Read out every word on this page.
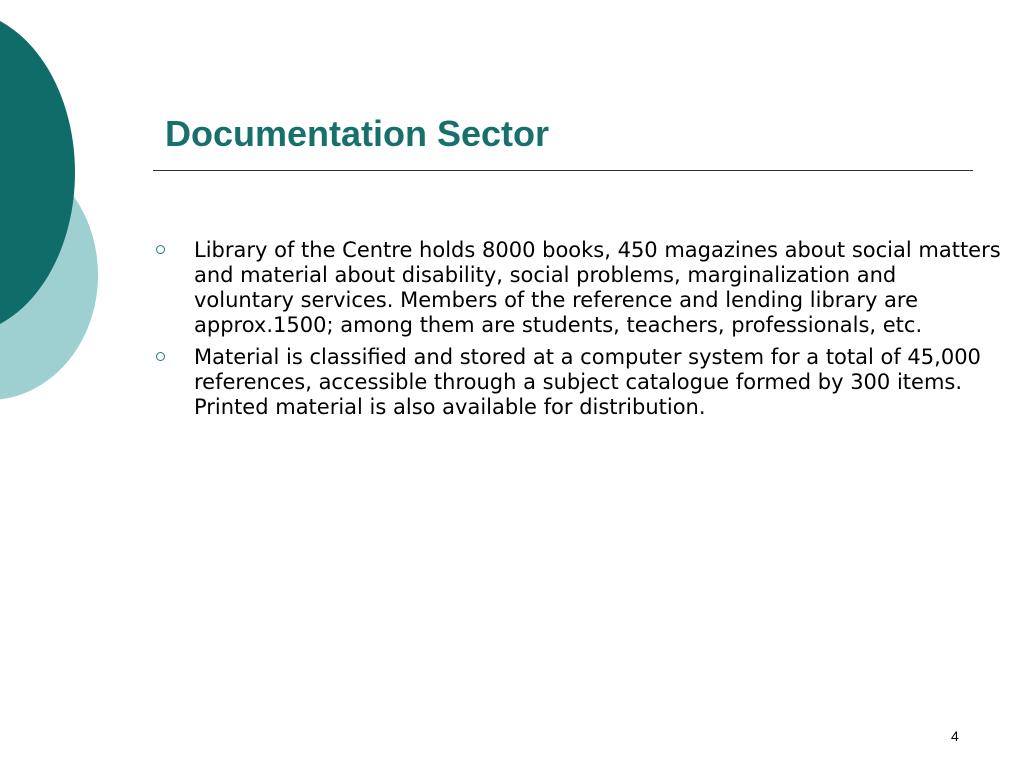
Documentation Sector
Library of the Centre holds 8000 books, 450 magazines about social matters and material about disability, social problems, marginalization and voluntary services. Members of the reference and lending library are approx.1500; among them are students, teachers, professionals, etc.
Material is classified and stored at a computer system for a total of 45,000 references, accessible through a subject catalogue formed by 300 items. Printed material is also available for distribution.
4
